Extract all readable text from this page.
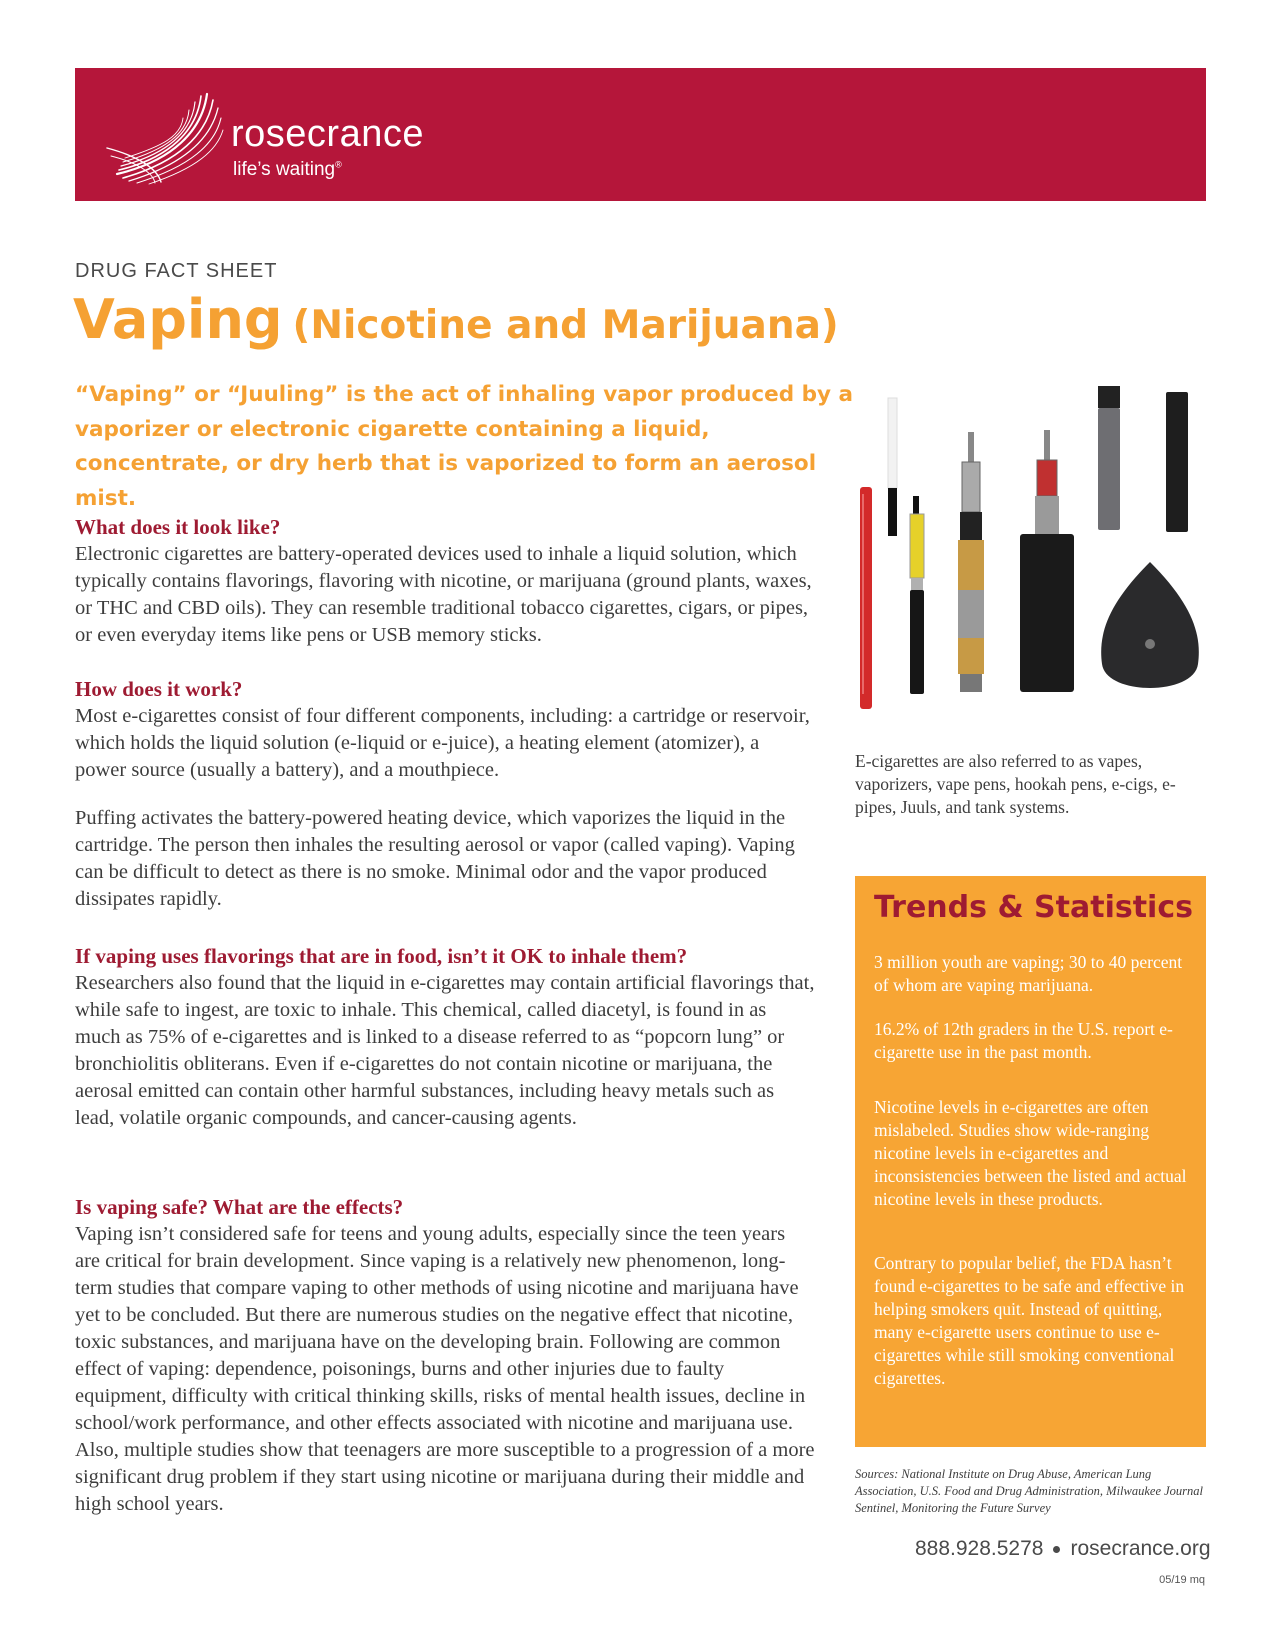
rosecrance
life’s waiting®
DRUG FACT SHEET
Vaping (Nicotine and Marijuana)
“Vaping” or “Juuling” is the act of inhaling vapor produced by a vaporizer or electronic cigarette containing a liquid, concentrate, or dry herb that is vaporized to form an aerosol mist.

What does it look like?

Electronic cigarettes are battery-operated devices used to inhale a liquid solution, which typically contains flavorings, flavoring with nicotine, or marijuana (ground plants, waxes, or THC and CBD oils). They can resemble traditional tobacco cigarettes, cigars, or pipes, or even everyday items like pens or USB memory sticks.

How does it work?

Most e-cigarettes consist of four different components, including: a cartridge or reservoir, which holds the liquid solution (e-liquid or e-juice), a heating element (atomizer), a power source (usually a battery), and a mouthpiece.

Puffing activates the battery-powered heating device, which vaporizes the liquid in the cartridge. The person then inhales the resulting aerosol or vapor (called vaping). Vaping can be difficult to detect as there is no smoke. Minimal odor and the vapor produced dissipates rapidly.

If vaping uses flavorings that are in food, isn’t it OK to inhale them?

Researchers also found that the liquid in e-cigarettes may contain artificial flavorings that, while safe to ingest, are toxic to inhale. This chemical, called diacetyl, is found in as much as 75% of e-cigarettes and is linked to a disease referred to as “popcorn lung” or bronchiolitis obliterans. Even if e-cigarettes do not contain nicotine or marijuana, the aerosal emitted can contain other harmful substances, including heavy metals such as lead, volatile organic compounds, and cancer-causing agents.

Is vaping safe? What are the effects?

Vaping isn’t considered safe for teens and young adults, especially since the teen years are critical for brain development. Since vaping is a relatively new phenomenon, long-term studies that compare vaping to other methods of using nicotine and marijuana have yet to be concluded. But there are numerous studies on the negative effect that nicotine, toxic substances, and marijuana have on the developing brain. Following are common effect of vaping: dependence, poisonings, burns and other injuries due to faulty equipment, difficulty with critical thinking skills, risks of mental health issues, decline in school/work performance, and other effects associated with nicotine and marijuana use. Also, multiple studies show that teenagers are more susceptible to a progression of a more significant drug problem if they start using nicotine or marijuana during their middle and high school years.

E-cigarettes are also referred to as vapes, vaporizers, vape pens, hookah pens, e-cigs, e-pipes, Juuls, and tank systems.
Trends & Statistics

3 million youth are vaping; 30 to 40 percent of whom are vaping marijuana.

16.2% of 12th graders in the U.S. report e-cigarette use in the past month.

Nicotine levels in e-cigarettes are often mislabeled. Studies show wide-ranging nicotine levels in e-cigarettes and inconsistencies between the listed and actual nicotine levels in these products.

Contrary to popular belief, the FDA hasn’t found e-cigarettes to be safe and effective in helping smokers quit. Instead of quitting, many e-cigarette users continue to use e-cigarettes while still smoking conventional cigarettes.

Sources: National Institute on Drug Abuse, American Lung Association, U.S. Food and Drug Administration, Milwaukee Journal Sentinel, Monitoring the Future Survey
888.928.5278 rosecrance.org
05/19 mq
